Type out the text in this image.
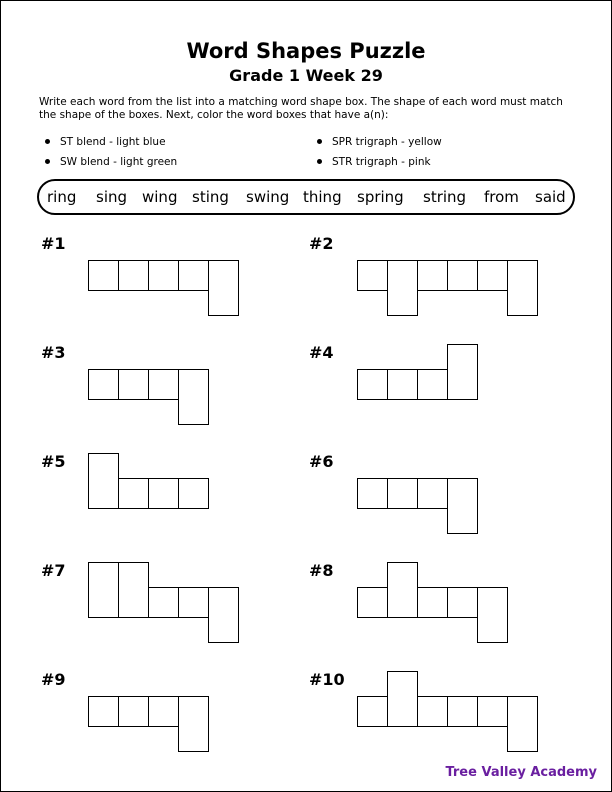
Word Shapes Puzzle
Grade 1 Week 29

Write each word from the list into a matching word shape box. The shape of each word must match the shape of the boxes. Next, color the word boxes that have a(n):

ST blend - light blue
SW blend - light green
SPR trigraph - yellow
STR trigraph - pink
ring sing wing sting swing thing spring string from said
#1	#2
#3	#4
#5	#6
#7	#8
#9	#10
Tree Valley Academy
